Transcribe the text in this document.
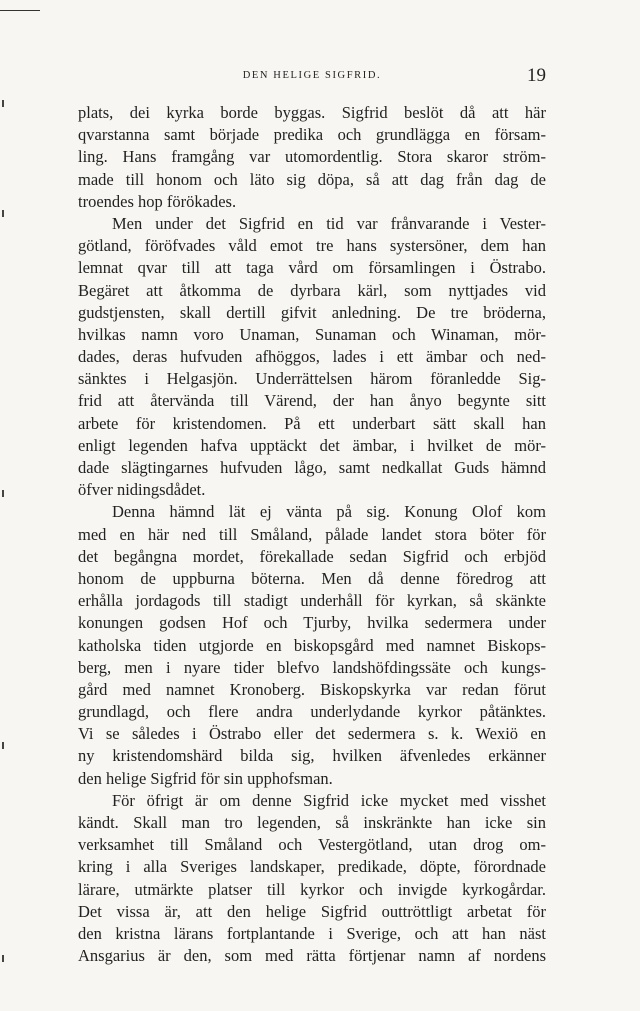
DEN HELIGE SIGFRID.	19
plats, dei kyrka borde byggas. Sigfrid beslöt då att här
qvarstanna samt började predika och grundlägga en försam-
ling. Hans framgång var utomordentlig. Stora skaror ström-
made till honom och läto sig döpa, så att dag från dag de
troendes hop förökades.
Men under det Sigfrid en tid var frånvarande i Vester-
götland, föröfvades våld emot tre hans systersöner, dem han
lemnat qvar till att taga vård om församlingen i Östrabo.
Begäret att åtkomma de dyrbara kärl, som nyttjades vid
gudstjensten, skall dertill gifvit anledning. De tre bröderna,
hvilkas namn voro Unaman, Sunaman och Winaman, mör-
dades, deras hufvuden afhöggos, lades i ett ämbar och ned-
sänktes i Helgasjön. Underrättelsen härom föranledde Sig-
frid att återvända till Värend, der han ånyo begynte sitt
arbete för kristendomen. På ett underbart sätt skall han
enligt legenden hafva upptäckt det ämbar, i hvilket de mör-
dade slägtingarnes hufvuden lågo, samt nedkallat Guds hämnd
öfver nidingsdådet.
Denna hämnd lät ej vänta på sig. Konung Olof kom
med en här ned till Småland, pålade landet stora böter för
det begångna mordet, förekallade sedan Sigfrid och erbjöd
honom de uppburna böterna. Men då denne föredrog att
erhålla jordagods till stadigt underhåll för kyrkan, så skänkte
konungen godsen Hof och Tjurby, hvilka sedermera under
katholska tiden utgjorde en biskopsgård med namnet Biskops-
berg, men i nyare tider blefvo landshöfdingssäte och kungs-
gård med namnet Kronoberg. Biskopskyrka var redan förut
grundlagd, och flere andra underlydande kyrkor påtänktes.
Vi se således i Östrabo eller det sedermera s. k. Wexiö en
ny kristendomshärd bilda sig, hvilken äfvenledes erkänner
den helige Sigfrid för sin upphofsman.
För öfrigt är om denne Sigfrid icke mycket med visshet
kändt. Skall man tro legenden, så inskränkte han icke sin
verksamhet till Småland och Vestergötland, utan drog om-
kring i alla Sveriges landskaper, predikade, döpte, förordnade
lärare, utmärkte platser till kyrkor och invigde kyrkogårdar.
Det vissa är, att den helige Sigfrid outtröttligt arbetat för
den kristna lärans fortplantande i Sverige, och att han näst
Ansgarius är den, som med rätta förtjenar namn af nordens
